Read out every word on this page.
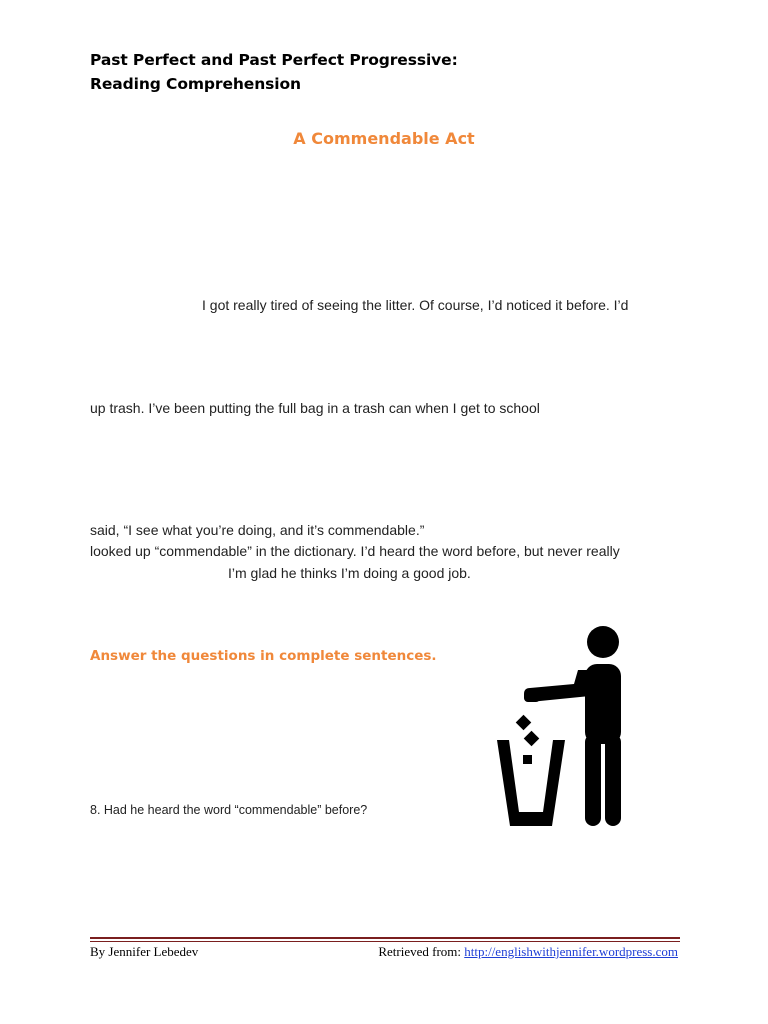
Past Perfect and Past Perfect Progressive:
Reading Comprehension
A Commendable Act
I got really tired of seeing the litter. Of course, I’d noticed it before. I’d
up trash. I’ve been putting the full bag in a trash can when I get to school
said, “I see what you’re doing, and it’s commendable.”
looked up “commendable” in the dictionary. I’d heard the word before, but never really
I’m glad he thinks I’m doing a good job.
Answer the questions in complete sentences.
8. Had he heard the word “commendable” before?
By Jennifer Lebedev	Retrieved from: http://englishwithjennifer.wordpress.com
